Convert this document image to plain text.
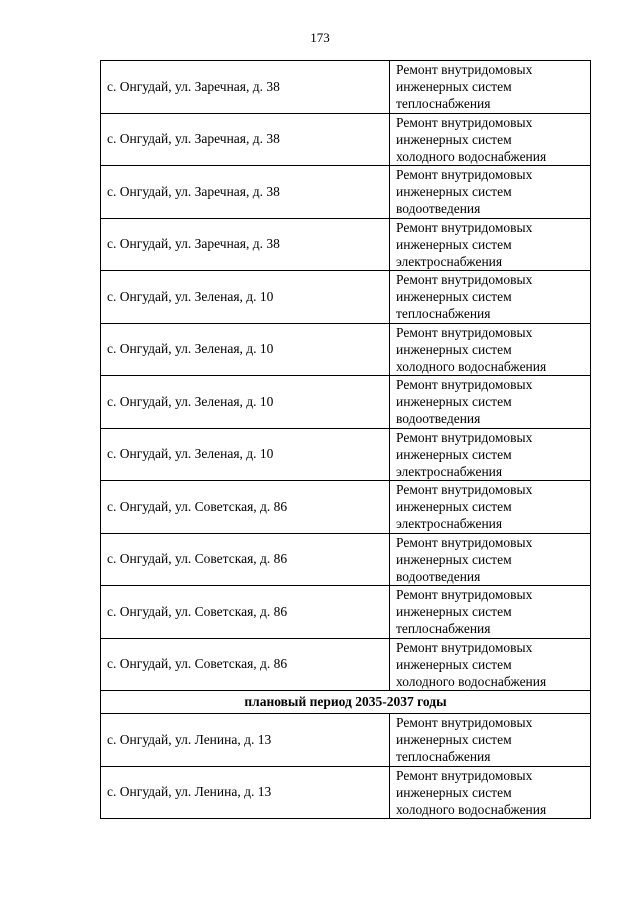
173
с. Онгудай, ул. Заречная, д. 38	Ремонт внутридомовых
инженерных систем
теплоснабжения

с. Онгудай, ул. Заречная, д. 38	Ремонт внутридомовых
инженерных систем
холодного водоснабжения

с. Онгудай, ул. Заречная, д. 38	Ремонт внутридомовых
инженерных систем
водоотведения

с. Онгудай, ул. Заречная, д. 38	Ремонт внутридомовых
инженерных систем
электроснабжения

с. Онгудай, ул. Зеленая, д. 10	Ремонт внутридомовых
инженерных систем
теплоснабжения

с. Онгудай, ул. Зеленая, д. 10	Ремонт внутридомовых
инженерных систем
холодного водоснабжения

с. Онгудай, ул. Зеленая, д. 10	Ремонт внутридомовых
инженерных систем
водоотведения

с. Онгудай, ул. Зеленая, д. 10	Ремонт внутридомовых
инженерных систем
электроснабжения

с. Онгудай, ул. Советская, д. 86	Ремонт внутридомовых
инженерных систем
электроснабжения

с. Онгудай, ул. Советская, д. 86	Ремонт внутридомовых
инженерных систем
водоотведения

с. Онгудай, ул. Советская, д. 86	Ремонт внутридомовых
инженерных систем
теплоснабжения

с. Онгудай, ул. Советская, д. 86	Ремонт внутридомовых
инженерных систем
холодного водоснабжения

плановый период 2035-2037 годы	
с. Онгудай, ул. Ленина, д. 13	Ремонт внутридомовых
инженерных систем
теплоснабжения

с. Онгудай, ул. Ленина, д. 13	Ремонт внутридомовых
инженерных систем
холодного водоснабжения
